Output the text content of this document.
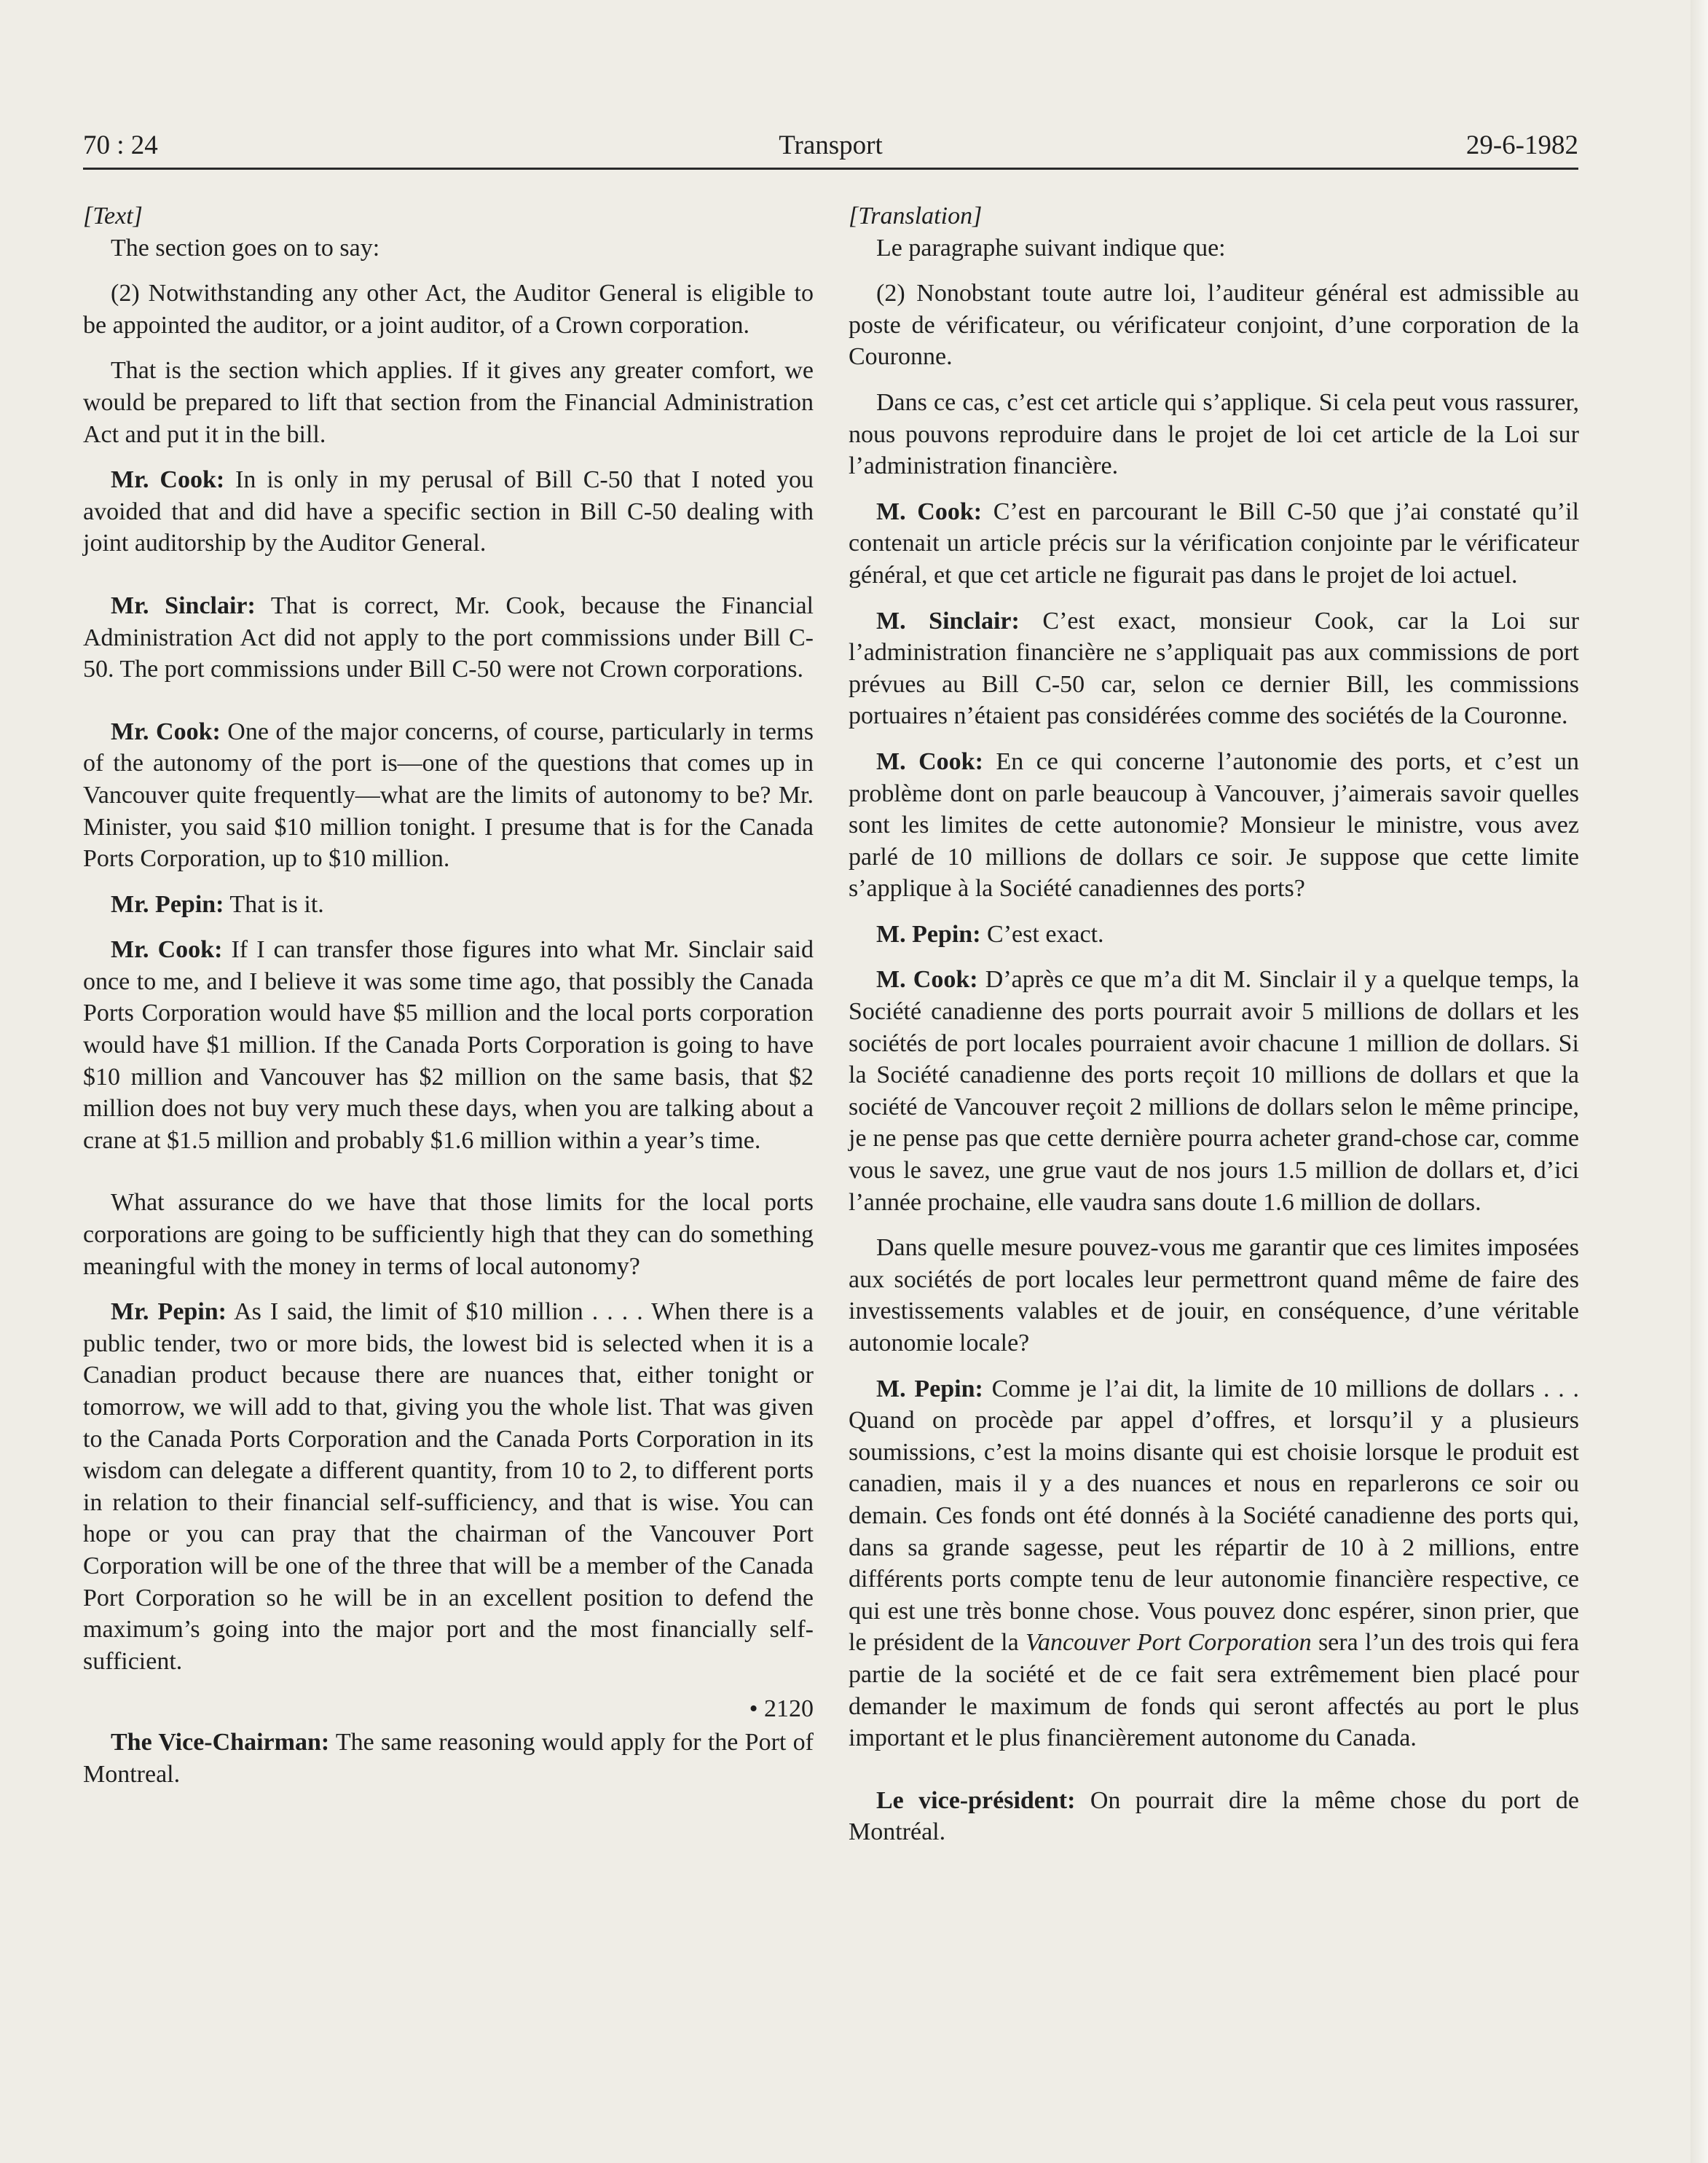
70 : 24	Transport	29-6-1982

[Text]

The section goes on to say:

(2) Notwithstanding any other Act, the Auditor General is eligible to be appointed the auditor, or a joint auditor, of a Crown corporation.

That is the section which applies. If it gives any greater comfort, we would be prepared to lift that section from the Financial Administration Act and put it in the bill.

Mr. Cook: In is only in my perusal of Bill C-50 that I noted you avoided that and did have a specific section in Bill C-50 dealing with joint auditorship by the Auditor General.

Mr. Sinclair: That is correct, Mr. Cook, because the Financial Administration Act did not apply to the port commissions under Bill C-50. The port commissions under Bill C-50 were not Crown corporations.

Mr. Cook: One of the major concerns, of course, particularly in terms of the autonomy of the port is—one of the questions that comes up in Vancouver quite frequently—what are the limits of autonomy to be? Mr. Minister, you said $10 million tonight. I presume that is for the Canada Ports Corporation, up to $10 million.

Mr. Pepin: That is it.

Mr. Cook: If I can transfer those figures into what Mr. Sinclair said once to me, and I believe it was some time ago, that possibly the Canada Ports Corporation would have $5 million and the local ports corporation would have $1 million. If the Canada Ports Corporation is going to have $10 million and Vancouver has $2 million on the same basis, that $2 million does not buy very much these days, when you are talking about a crane at $1.5 million and probably $1.6 million within a year’s time.

What assurance do we have that those limits for the local ports corporations are going to be sufficiently high that they can do something meaningful with the money in terms of local autonomy?

Mr. Pepin: As I said, the limit of $10 million . . . . When there is a public tender, two or more bids, the lowest bid is selected when it is a Canadian product because there are nuances that, either tonight or tomorrow, we will add to that, giving you the whole list. That was given to the Canada Ports Corporation and the Canada Ports Corporation in its wisdom can delegate a different quantity, from 10 to 2, to different ports in relation to their financial self-sufficiency, and that is wise. You can hope or you can pray that the chairman of the Vancouver Port Corporation will be one of the three that will be a member of the Canada Port Corporation so he will be in an excellent position to defend the maximum’s going into the major port and the most financially self-sufficient.

• 2120

The Vice-Chairman: The same reasoning would apply for the Port of Montreal.

[Translation]

Le paragraphe suivant indique que:

(2) Nonobstant toute autre loi, l’auditeur général est admissible au poste de vérificateur, ou vérificateur conjoint, d’une corporation de la Couronne.

Dans ce cas, c’est cet article qui s’applique. Si cela peut vous rassurer, nous pouvons reproduire dans le projet de loi cet article de la Loi sur l’administration financière.

M. Cook: C’est en parcourant le Bill C-50 que j’ai constaté qu’il contenait un article précis sur la vérification conjointe par le vérificateur général, et que cet article ne figurait pas dans le projet de loi actuel.

M. Sinclair: C’est exact, monsieur Cook, car la Loi sur l’administration financière ne s’appliquait pas aux commissions de port prévues au Bill C-50 car, selon ce dernier Bill, les commissions portuaires n’étaient pas considérées comme des sociétés de la Couronne.

M. Cook: En ce qui concerne l’autonomie des ports, et c’est un problème dont on parle beaucoup à Vancouver, j’aimerais savoir quelles sont les limites de cette autonomie? Monsieur le ministre, vous avez parlé de 10 millions de dollars ce soir. Je suppose que cette limite s’applique à la Société canadiennes des ports?

M. Pepin: C’est exact.

M. Cook: D’après ce que m’a dit M. Sinclair il y a quelque temps, la Société canadienne des ports pourrait avoir 5 millions de dollars et les sociétés de port locales pourraient avoir chacune 1 million de dollars. Si la Société canadienne des ports reçoit 10 millions de dollars et que la société de Vancouver reçoit 2 millions de dollars selon le même principe, je ne pense pas que cette dernière pourra acheter grand-chose car, comme vous le savez, une grue vaut de nos jours 1.5 million de dollars et, d’ici l’année prochaine, elle vaudra sans doute 1.6 million de dollars.

Dans quelle mesure pouvez-vous me garantir que ces limites imposées aux sociétés de port locales leur permettront quand même de faire des investissements valables et de jouir, en conséquence, d’une véritable autonomie locale?

M. Pepin: Comme je l’ai dit, la limite de 10 millions de dollars . . . Quand on procède par appel d’offres, et lorsqu’il y a plusieurs soumissions, c’est la moins disante qui est choisie lorsque le produit est canadien, mais il y a des nuances et nous en reparlerons ce soir ou demain. Ces fonds ont été donnés à la Société canadienne des ports qui, dans sa grande sagesse, peut les répartir de 10 à 2 millions, entre différents ports compte tenu de leur autonomie financière respective, ce qui est une très bonne chose. Vous pouvez donc espérer, sinon prier, que le président de la Vancouver Port Corporation sera l’un des trois qui fera partie de la société et de ce fait sera extrêmement bien placé pour demander le maximum de fonds qui seront affectés au port le plus important et le plus financièrement autonome du Canada.

Le vice-président: On pourrait dire la même chose du port de Montréal.
